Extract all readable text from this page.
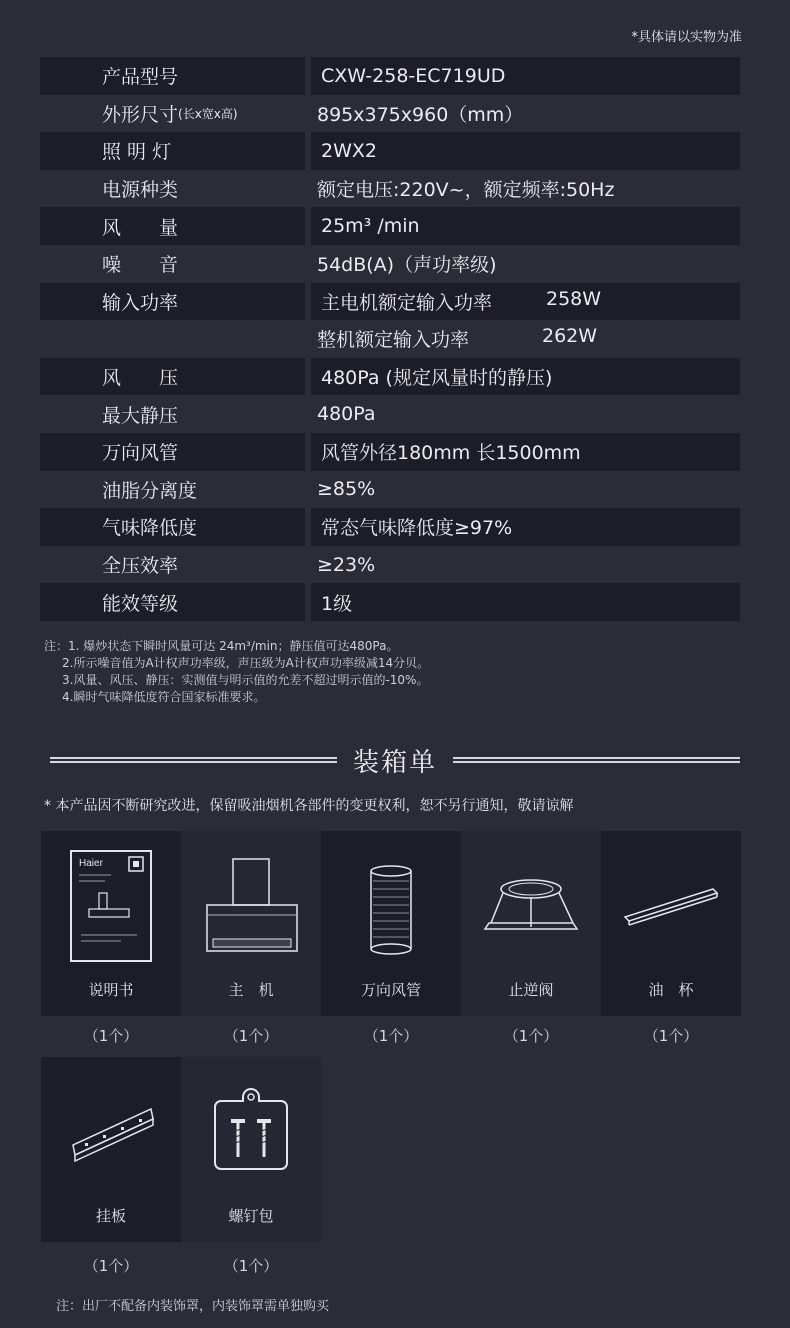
*具体请以实物为准
产品型号	CXW-258-EC719UD
外形尺寸 (长x宽x高)	895x375x960（mm）
照 明 灯	2WX2
电源种类	额定电压:220V~，额定频率:50Hz
风　　量	25m³ /min
噪　　音	54dB(A)（声功率级)
输入功率	主电机额定输入功率	258W
整机额定输入功率	262W
风　　压	480Pa (规定风量时的静压)
最大静压	480Pa
万向风管	风管外径180mm 长1500mm
油脂分离度	≥85%
气味降低度	常态气味降低度≥97%
全压效率	≥23%
能效等级	1级
注：1. 爆炒状态下瞬时风量可达 24m³/min；静压值可达480Pa。
2.所示噪音值为A计权声功率级，声压级为A计权声功率级减14分贝。
3.风量、风压、静压：实测值与明示值的允差不超过明示值的-10%。
4.瞬时气味降低度符合国家标准要求。
装箱单
* 本产品因不断研究改进，保留吸油烟机各部件的变更权利，恕不另行通知，敬请谅解
Haier
说明书	主　机	万向风管	止逆阀	油　杯
（1个）	（1个）	（1个）	（1个）	（1个）
挂板	螺钉包
（1个）	（1个）
注：出厂不配备内装饰罩，内装饰罩需单独购买
